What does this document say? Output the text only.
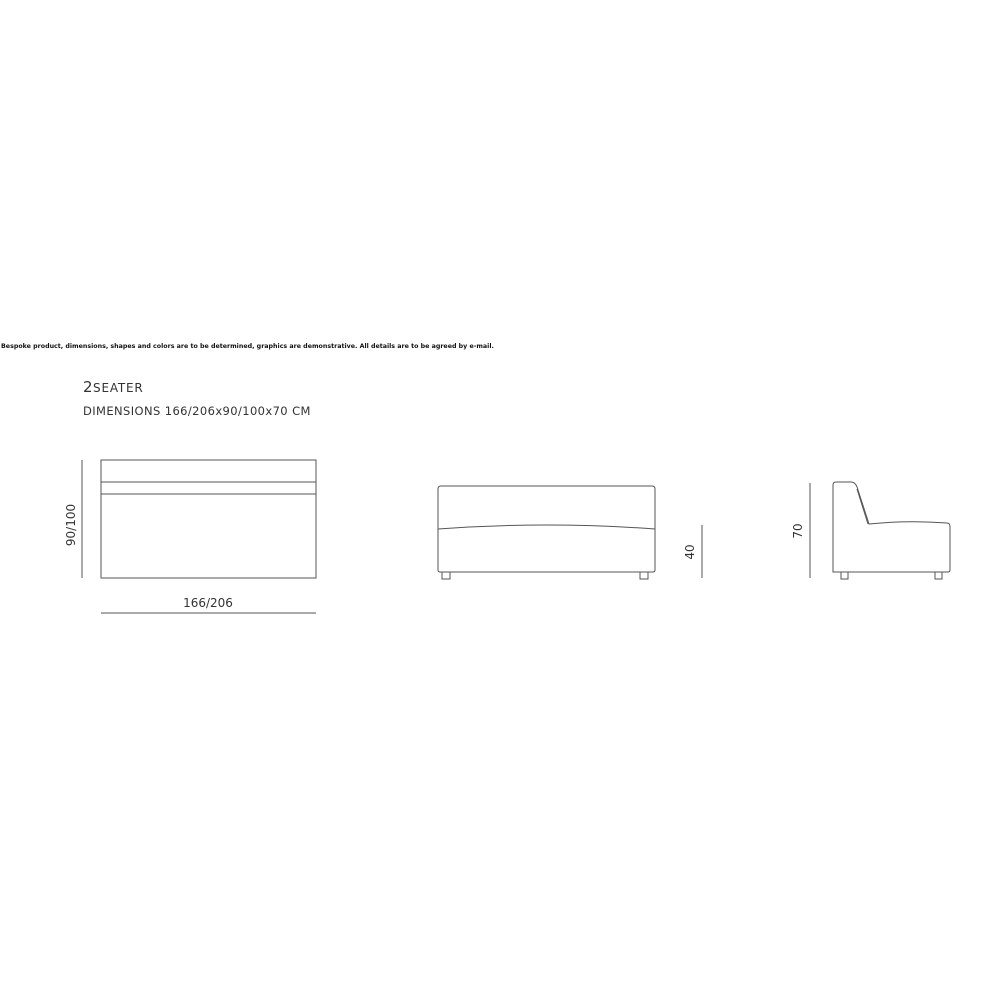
Bespoke product, dimensions, shapes and colors are to be determined, graphics are demonstrative. All details are to be agreed by e-mail.
2SEATER
DIMENSIONS 166/206x90/100x70 CM
166/206
90/100
40
70
